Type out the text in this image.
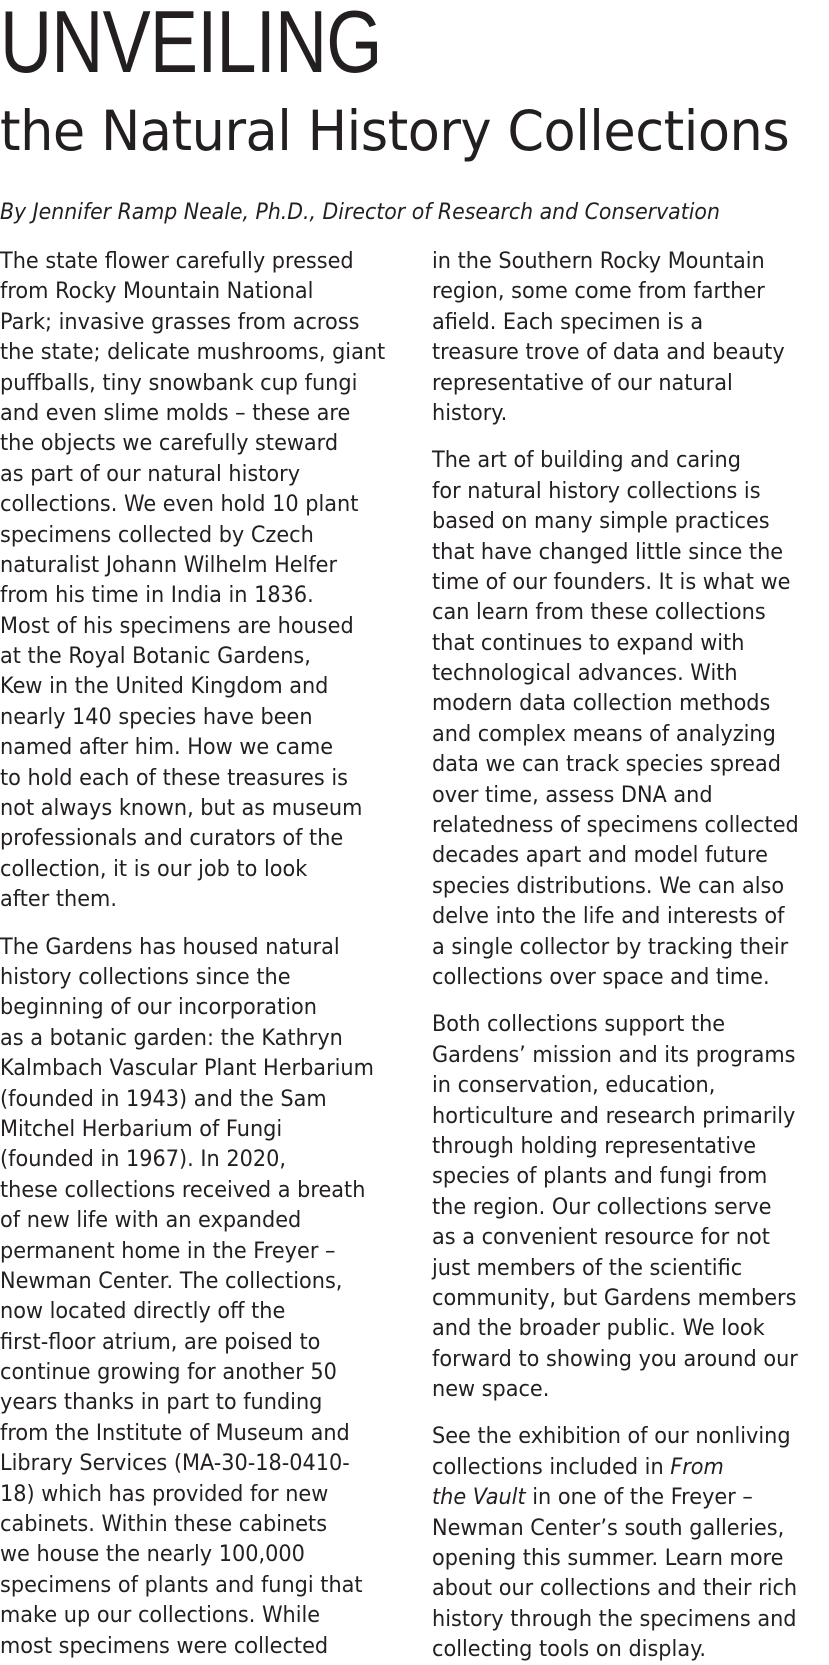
UNVEILING
the Natural History Collections

By Jennifer Ramp Neale, Ph.D., Director of Research and Conservation

The state flower carefully pressed
from Rocky Mountain National
Park; invasive grasses from across
the state; delicate mushrooms, giant
puffballs, tiny snowbank cup fungi
and even slime molds – these are
the objects we carefully steward
as part of our natural history
collections. We even hold 10 plant
specimens collected by Czech
naturalist Johann Wilhelm Helfer
from his time in India in 1836.
Most of his specimens are housed
at the Royal Botanic Gardens,
Kew in the United Kingdom and
nearly 140 species have been
named after him. How we came
to hold each of these treasures is
not always known, but as museum
professionals and curators of the
collection, it is our job to look
after them.
The Gardens has housed natural
history collections since the
beginning of our incorporation
as a botanic garden: the Kathryn
Kalmbach Vascular Plant Herbarium
(founded in 1943) and the Sam
Mitchel Herbarium of Fungi
(founded in 1967). In 2020,
these collections received a breath
of new life with an expanded
permanent home in the Freyer –
Newman Center. The collections,
now located directly off the
first-floor atrium, are poised to
continue growing for another 50
years thanks in part to funding
from the Institute of Museum and
Library Services (MA-30-18-0410-
18) which has provided for new
cabinets. Within these cabinets
we house the nearly 100,000
specimens of plants and fungi that
make up our collections. While
most specimens were collected
in the Southern Rocky Mountain
region, some come from farther
afield. Each specimen is a
treasure trove of data and beauty
representative of our natural
history.
The art of building and caring
for natural history collections is
based on many simple practices
that have changed little since the
time of our founders. It is what we
can learn from these collections
that continues to expand with
technological advances. With
modern data collection methods
and complex means of analyzing
data we can track species spread
over time, assess DNA and
relatedness of specimens collected
decades apart and model future
species distributions. We can also
delve into the life and interests of
a single collector by tracking their
collections over space and time.
Both collections support the
Gardens’ mission and its programs
in conservation, education,
horticulture and research primarily
through holding representative
species of plants and fungi from
the region. Our collections serve
as a convenient resource for not
just members of the scientific
community, but Gardens members
and the broader public. We look
forward to showing you around our
new space.
See the exhibition of our nonliving
collections included in From
the Vault in one of the Freyer –
Newman Center’s south galleries,
opening this summer. Learn more
about our collections and their rich
history through the specimens and
collecting tools on display.
